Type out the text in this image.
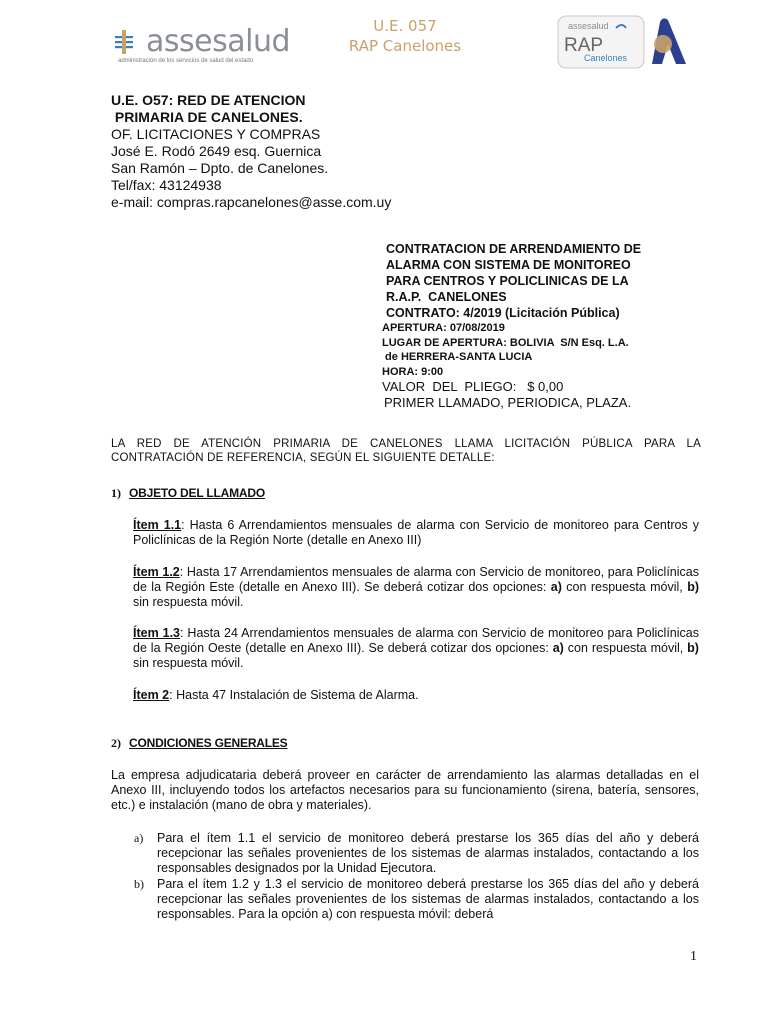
assesalud
administración de los servicios de salud del estado
U.E. 057
RAP Canelones
assesalud
RAP
Canelones
U.E. O57: RED DE ATENCION
PRIMARIA DE CANELONES.
OF. LICITACIONES Y COMPRAS
José E. Rodó 2649 esq. Guernica
San Ramón – Dpto. de Canelones.
Tel/fax: 43124938
e-mail: compras.rapcanelones@asse.com.uy
CONTRATACION DE ARRENDAMIENTO DE
ALARMA CON SISTEMA DE MONITOREO
PARA CENTROS Y POLICLINICAS DE LA
R.A.P.  CANELONES
CONTRATO: 4/2019 (Licitación Pública)
APERTURA: 07/08/2019
LUGAR DE APERTURA: BOLIVIA  S/N Esq. L.A.
de HERRERA-SANTA LUCIA
HORA: 9:00
VALOR  DEL  PLIEGO:   $ 0,00
PRIMER LLAMADO, PERIODICA, PLAZA.
LA RED DE ATENCIÓN PRIMARIA DE CANELONES LLAMA LICITACIÓN PÚBLICA PARA LA CONTRATACIÓN DE REFERENCIA, SEGÚN EL SIGUIENTE DETALLE:
1) OBJETO DEL LLAMADO
Ítem 1.1: Hasta 6 Arrendamientos mensuales de alarma con Servicio de monitoreo para Centros y Policlínicas de la Región Norte (detalle en Anexo III)
Ítem 1.2: Hasta 17 Arrendamientos mensuales de alarma con Servicio de monitoreo, para Policlínicas de la Región Este (detalle en Anexo III). Se deberá cotizar dos opciones: a) con respuesta móvil, b) sin respuesta móvil.
Ítem 1.3: Hasta 24 Arrendamientos mensuales de alarma con Servicio de monitoreo para Policlínicas de la Región Oeste (detalle en Anexo III). Se deberá cotizar dos opciones: a) con respuesta móvil, b) sin respuesta móvil.
Ítem 2: Hasta 47 Instalación de Sistema de Alarma.
2) CONDICIONES GENERALES
La empresa adjudicataria deberá proveer en carácter de arrendamiento las alarmas detalladas en el Anexo III, incluyendo todos los artefactos necesarios para su funcionamiento (sirena, batería, sensores, etc.) e instalación (mano de obra y materiales).
a) Para el ítem 1.1 el servicio de monitoreo deberá prestarse los 365 días del año y deberá recepcionar las señales provenientes de los sistemas de alarmas instalados, contactando a los responsables designados por la Unidad Ejecutora.
b) Para el ítem 1.2 y 1.3 el servicio de monitoreo deberá prestarse los 365 días del año y deberá recepcionar las señales provenientes de los sistemas de alarmas instalados, contactando a los responsables. Para la opción a) con respuesta móvil: deberá
1
